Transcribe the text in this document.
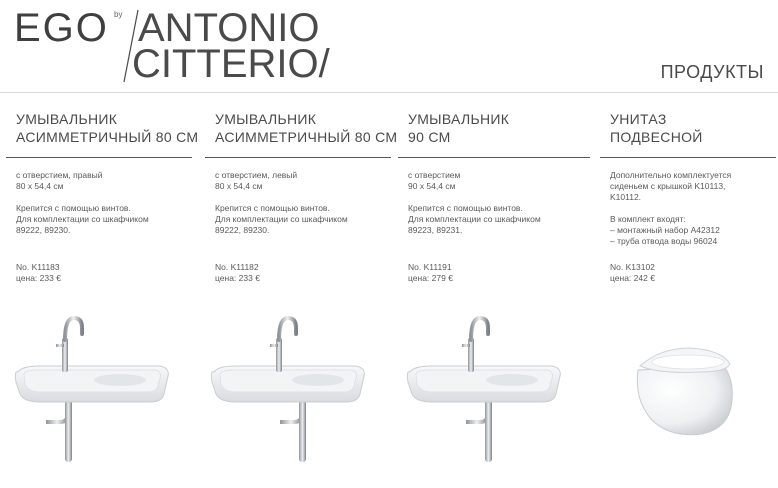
EGO by ANTONIO
CITTERIO/	ПРОДУКТЫ
УМЫВАЛЬНИК
АСИММЕТРИЧНЫЙ 80 СМ

с отверстием, правый
80 x 54,4 см

Крепится с помощью винтов.
Для комплектации со шкафчиком
89222, 89230.

No. K11183
цена: 233 €
УМЫВАЛЬНИК
АСИММЕТРИЧНЫЙ 80 СМ

с отверстием, левый
80 x 54,4 см

Крепится с помощью винтов.
Для комплектации со шкафчиком
89222, 89230.

No. K11182
цена: 233 €
УМЫВАЛЬНИК
90 СМ

с отверстием
90 x 54,4 см

Крепится с помощью винтов.
Для комплектации со шкафчиком
89223, 89231.

No. K11191
цена: 279 €
УНИТАЗ
ПОДВЕСНОЙ

Дополнительно комплектуется
сиденьем с крышкой K10113,
K10112.

В комплект входят:
– монтажный набор A42312
– труба отвода воды 96024

No. K13102
цена: 242 €
